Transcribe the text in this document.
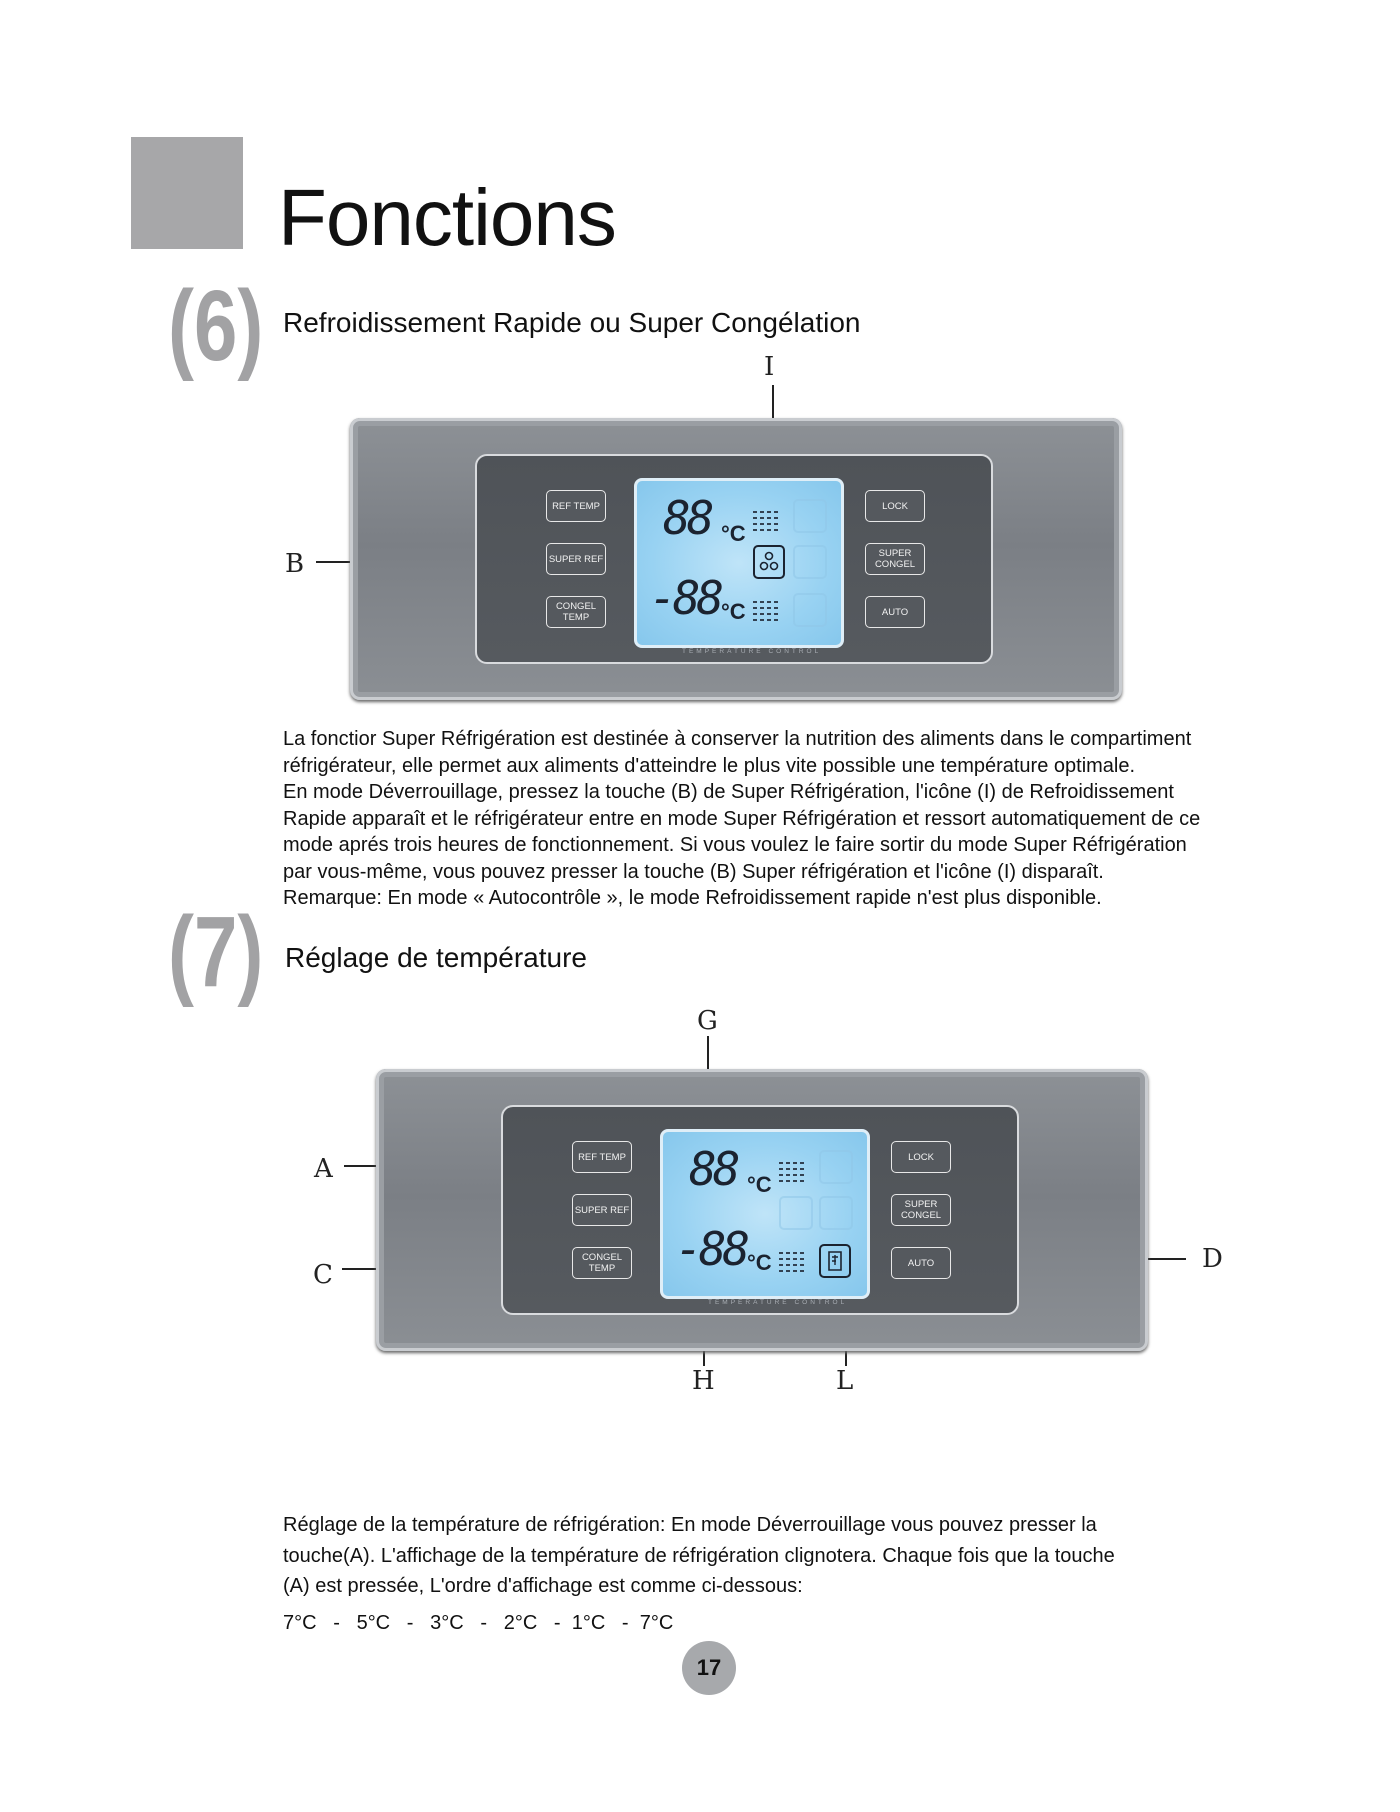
Fonctions
(6) Refroidissement Rapide ou Super Congélation
I
B
REF TEMP
SUPER REF
CONGEL TEMP
LOCK
SUPER CONGEL
AUTO
88 °C
-88 °C
TEMPERATURE CONTROL

La fonctior Super Réfrigération est destinée à conserver la nutrition des aliments dans le compartiment

réfrigérateur, elle permet aux aliments d'atteindre le plus vite possible une température optimale.

En mode Déverrouillage, pressez la touche (B) de Super Réfrigération, l'icône (I) de Refroidissement

Rapide apparaît et le réfrigérateur entre en mode Super Réfrigération et ressort automatiquement de ce

mode aprés trois heures de fonctionnement. Si vous voulez le faire sortir du mode Super Réfrigération

par vous-même, vous pouvez presser la touche (B) Super réfrigération et l'icône (I) disparaît.

Remarque: En mode « Autocontrôle », le mode Refroidissement rapide n'est plus disponible.

(7) Réglage de température
G
A
C
D
H	L
REF TEMP
SUPER REF
CONGEL TEMP
LOCK
SUPER CONGEL
AUTO
88 °C
-88 °C
TEMPERATURE CONTROL

Réglage de la température de réfrigération: En mode Déverrouillage vous pouvez presser la

touche(A). L'affichage de la température de réfrigération clignotera. Chaque fois que la touche

(A) est pressée, L'ordre d'affichage est comme ci-dessous:

7°C   -   5°C   -   3°C   -   2°C   -  1°C   -  7°C

17
